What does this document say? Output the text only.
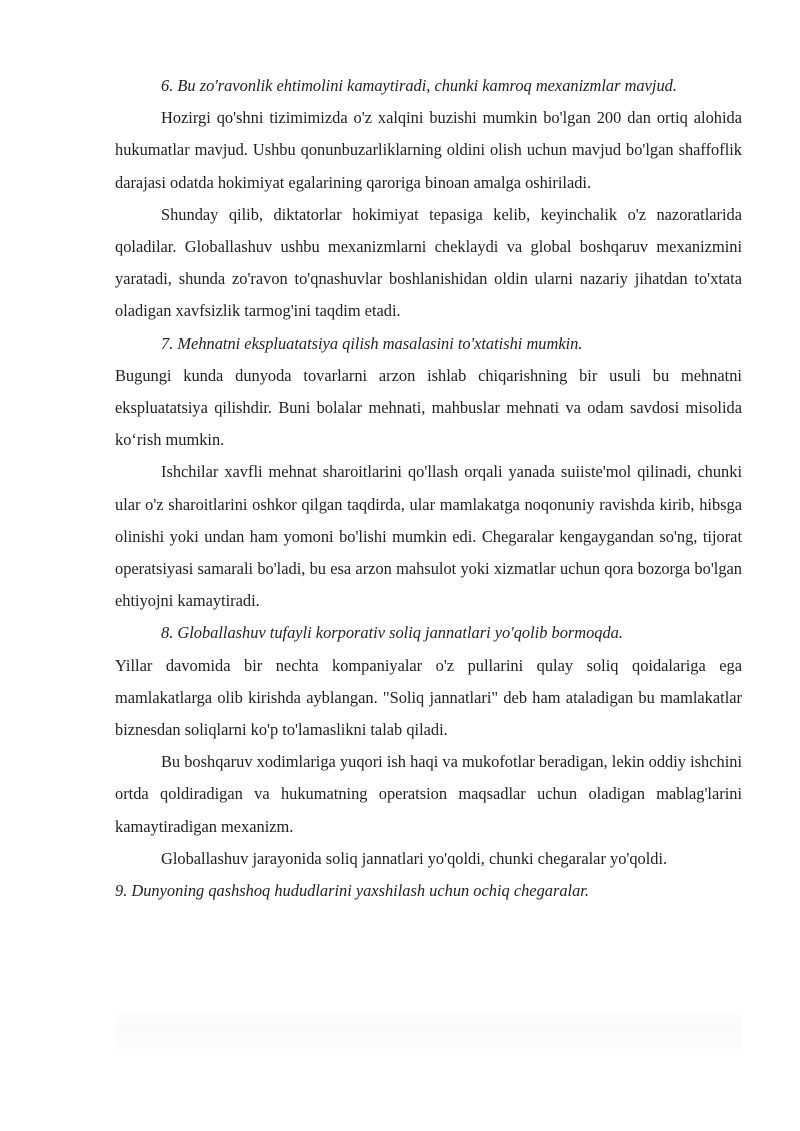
6. Bu zo'ravonlik ehtimolini kamaytiradi, chunki kamroq mexanizmlar mavjud.

Hozirgi qo'shni tizimimizda o'z xalqini buzishi mumkin bo'lgan 200 dan ortiq alohida hukumatlar mavjud. Ushbu qonunbuzarliklarning oldini olish uchun mavjud bo'lgan shaffoflik darajasi odatda hokimiyat egalarining qaroriga binoan amalga oshiriladi.

Shunday qilib, diktatorlar hokimiyat tepasiga kelib, keyinchalik o'z nazoratlarida qoladilar. Globallashuv ushbu mexanizmlarni cheklaydi va global boshqaruv mexanizmini yaratadi, shunda zo'ravon to'qnashuvlar boshlanishidan oldin ularni nazariy jihatdan to'xtata oladigan xavfsizlik tarmog'ini taqdim etadi.

7. Mehnatni ekspluatatsiya qilish masalasini to'xtatishi mumkin.

Bugungi kunda dunyoda tovarlarni arzon ishlab chiqarishning bir usuli bu mehnatni ekspluatatsiya qilishdir. Buni bolalar mehnati, mahbuslar mehnati va odam savdosi misolida ko‘rish mumkin.

Ishchilar xavfli mehnat sharoitlarini qo'llash orqali yanada suiiste'mol qilinadi, chunki ular o'z sharoitlarini oshkor qilgan taqdirda, ular mamlakatga noqonuniy ravishda kirib, hibsga olinishi yoki undan ham yomoni bo'lishi mumkin edi. Chegaralar kengaygandan so'ng, tijorat operatsiyasi samarali bo'ladi, bu esa arzon mahsulot yoki xizmatlar uchun qora bozorga bo'lgan ehtiyojni kamaytiradi.

8. Globallashuv tufayli korporativ soliq jannatlari yo'qolib bormoqda.

Yillar davomida bir nechta kompaniyalar o'z pullarini qulay soliq qoidalariga ega mamlakatlarga olib kirishda ayblangan. "Soliq jannatlari" deb ham ataladigan bu mamlakatlar biznesdan soliqlarni ko'p to'lamaslikni talab qiladi.

Bu boshqaruv xodimlariga yuqori ish haqi va mukofotlar beradigan, lekin oddiy ishchini ortda qoldiradigan va hukumatning operatsion maqsadlar uchun oladigan mablag'larini kamaytiradigan mexanizm.

Globallashuv jarayonida soliq jannatlari yo'qoldi, chunki chegaralar yo'qoldi.

9. Dunyoning qashshoq hududlarini yaxshilash uchun ochiq chegaralar.
